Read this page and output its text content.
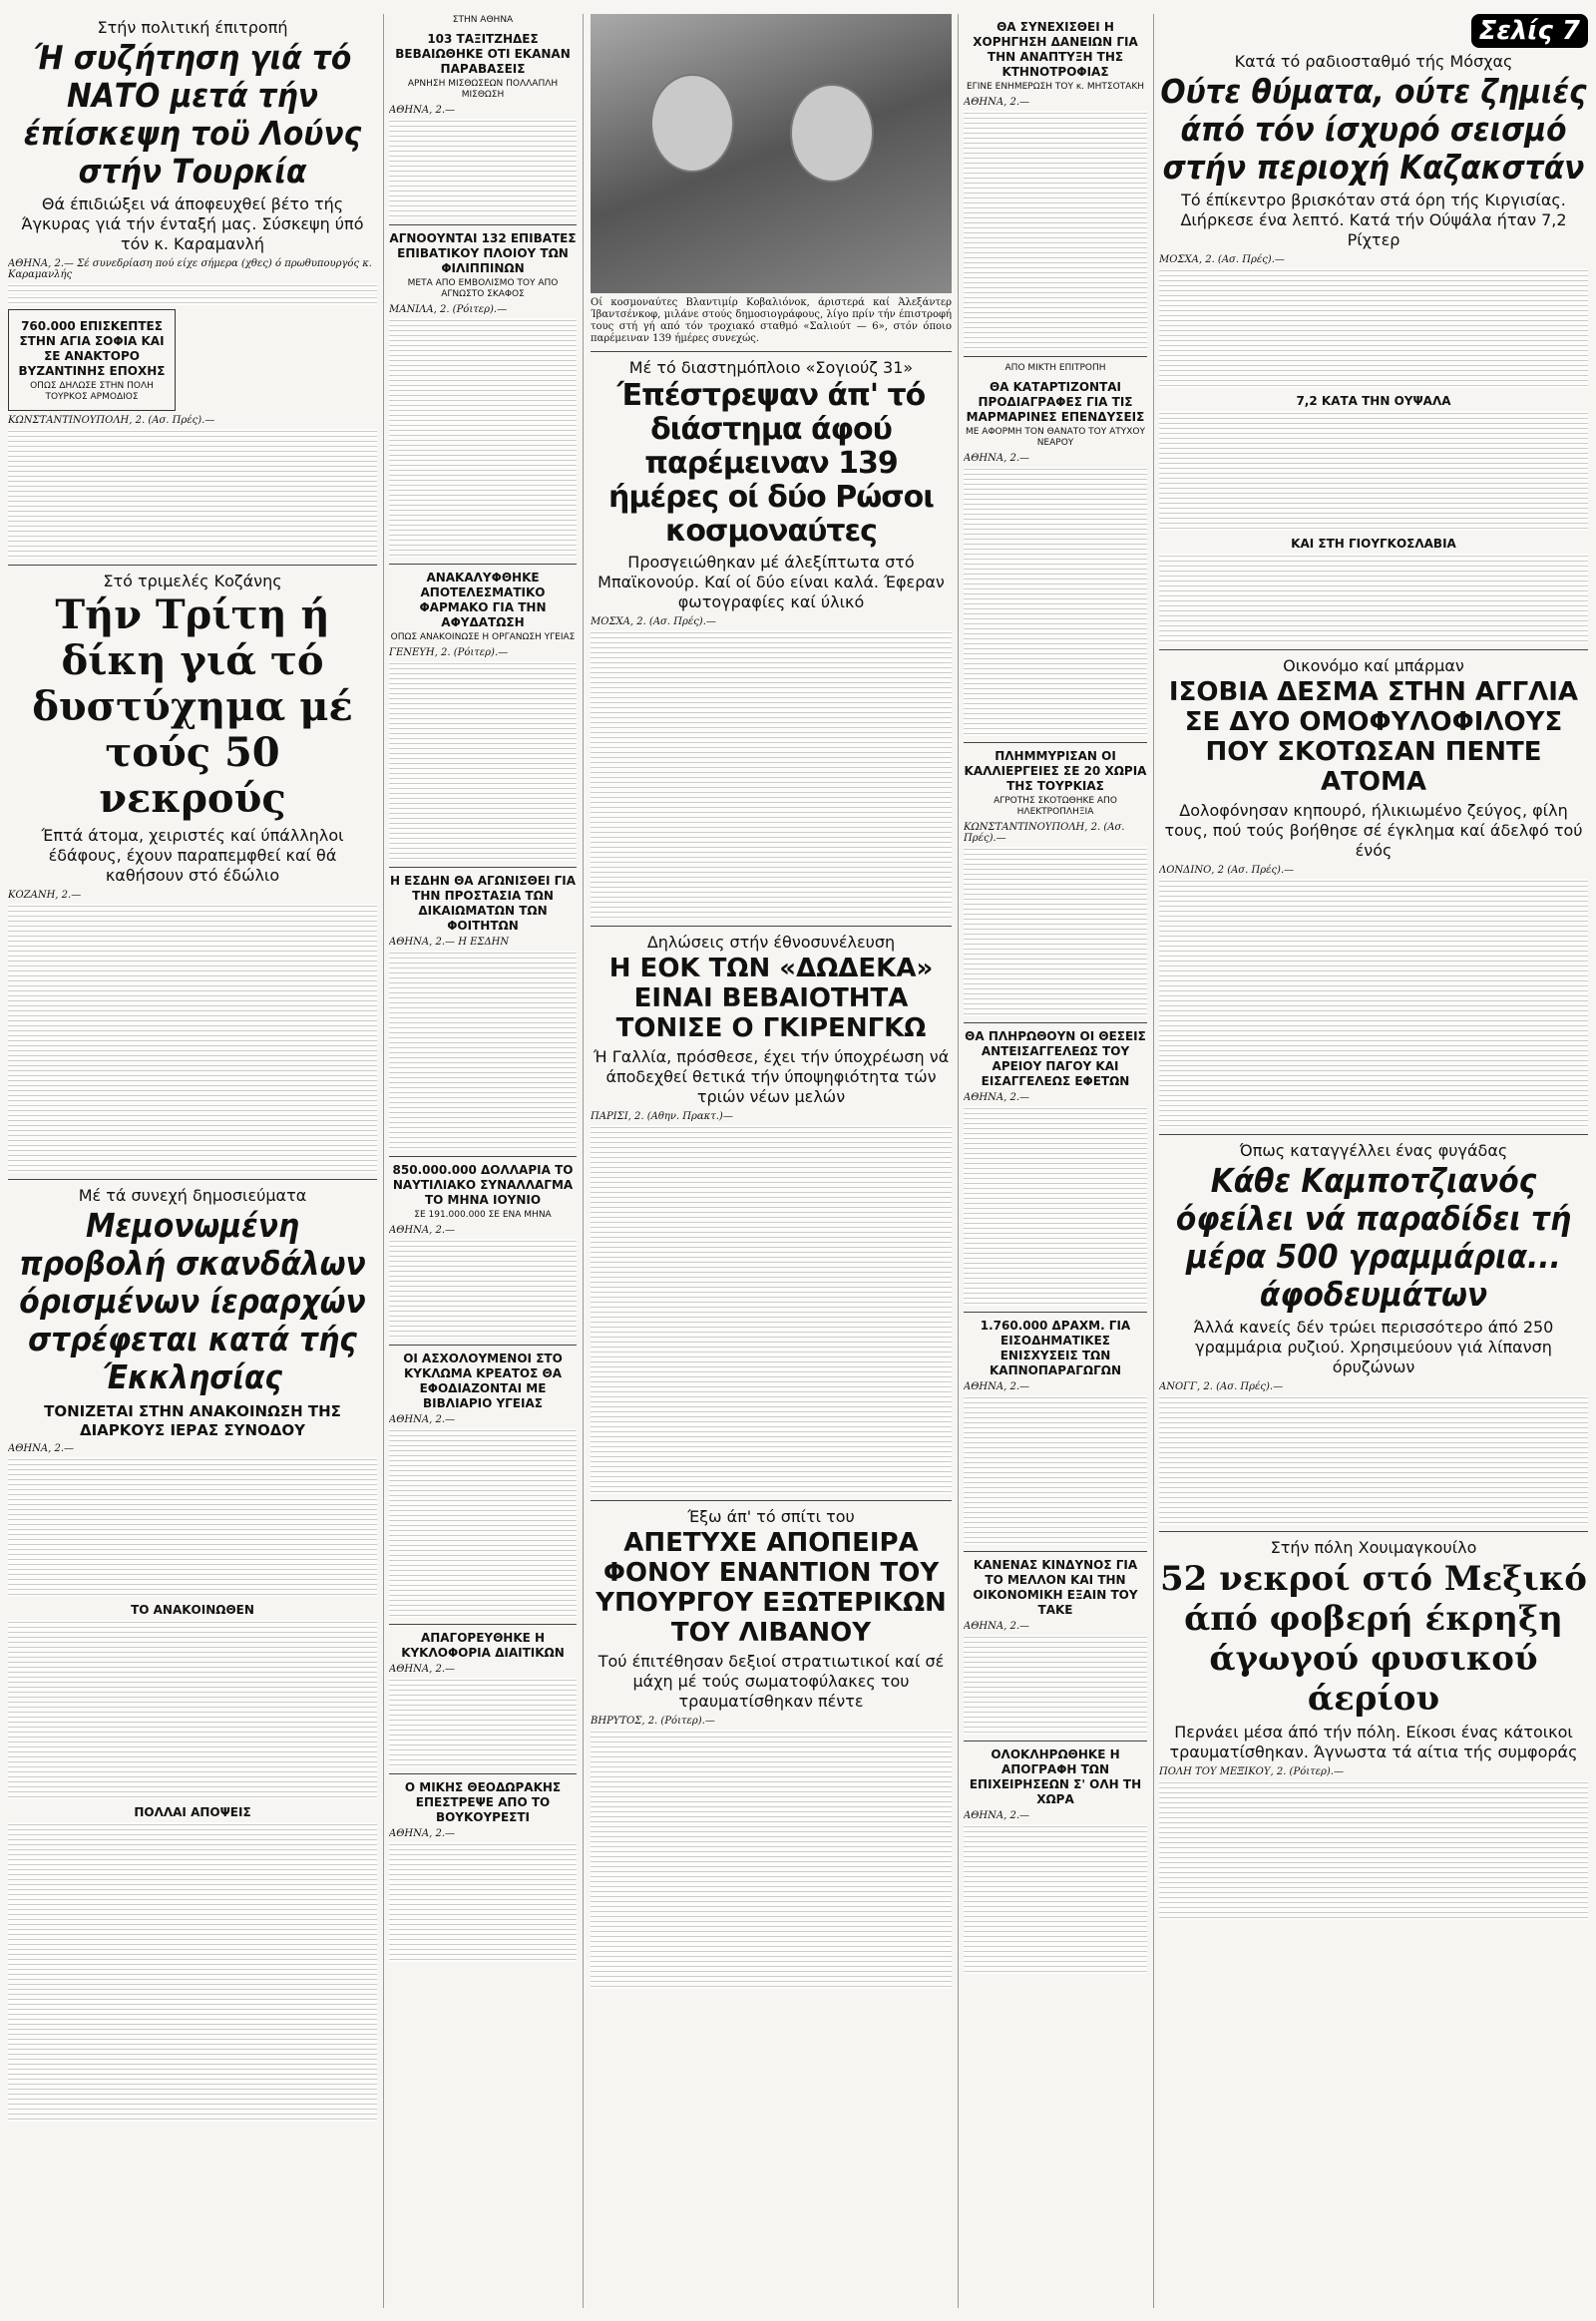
Στήν πολιτική έπιτροπή
Ή συζήτηση γιά τό ΝΑΤΟ μετά τήν έπίσκεψη τοϋ Λούνς στήν Τουρκία
Θά έπιδιώξει νά άποφευχθεί βέτο τής Άγκυρας γιά τήν ένταξή μας. Σύσκεψη ύπό τόν κ. Καραμανλή
ΑΘΗΝΑ, 2.— Σέ συνεδρίαση πού είχε σήμερα (χθες) ό πρωθυπουργός κ. Καραμανλής
760.000 ΕΠΙΣΚΕΠΤΕΣ ΣΤΗΝ ΑΓΙΑ ΣΟΦΙΑ ΚΑΙ ΣΕ ΑΝΑΚΤΟΡΟ ΒΥΖΑΝΤΙΝΗΣ ΕΠΟΧΗΣ
ΟΠΩΣ ΔΗΛΩΣΕ ΣΤΗΝ ΠΟΛΗ ΤΟΥΡΚΟΣ ΑΡΜΟΔΙΟΣ
ΚΩΝΣΤΑΝΤΙΝΟΥΠΟΛΗ, 2. (Ασ. Πρές).—
Στό τριμελές Κοζάνης
Τήν Τρίτη ή δίκη γιά τό δυστύχημα μέ τούς 50 νεκρούς
Έπτά άτομα, χειριστές καί ύπάλληλοι έδάφους, έχουν παραπεμφθεί καί θά καθήσουν στό έδώλιο
ΚΟΖΑΝΗ, 2.—
Μέ τά συνεχή δημοσιεύματα
Μεμονωμένη προβολή σκανδάλων όρισμένων ίεραρχών στρέφεται κατά τής Έκκλησίας
ΤΟΝΙΖΕΤΑΙ ΣΤΗΝ ΑΝΑΚΟΙΝΩΣΗ ΤΗΣ ΔΙΑΡΚΟΥΣ ΙΕΡΑΣ ΣΥΝΟΔΟΥ
ΑΘΗΝΑ, 2.—
ΤΟ ΑΝΑΚΟΙΝΩΘΕΝ
ΠΟΛΛΑΙ ΑΠΟΨΕΙΣ
ΣΤΗΝ ΑΘΗΝΑ
103 ΤΑΞΙΤΖΗΔΕΣ ΒΕΒΑΙΩΘΗΚΕ ΟΤΙ ΕΚΑΝΑΝ ΠΑΡΑΒΑΣΕΙΣ
ΑΡΝΗΣΗ ΜΙΣΘΩΣΕΩΝ ΠΟΛΛΑΠΛΗ ΜΙΣΘΩΣΗ
ΑΘΗΝΑ, 2.—
ΑΓΝΟΟΥΝΤΑΙ 132 ΕΠΙΒΑΤΕΣ ΕΠΙΒΑΤΙΚΟΥ ΠΛΟΙΟΥ ΤΩΝ ΦΙΛΙΠΠΙΝΩΝ
ΜΕΤΑ ΑΠΟ ΕΜΒΟΛΙΣΜΟ ΤΟΥ ΑΠΟ ΑΓΝΩΣΤΟ ΣΚΑΦΟΣ
ΜΑΝΙΛΑ, 2. (Ρόιτερ).—
ΑΝΑΚΑΛΥΦΘΗΚΕ ΑΠΟΤΕΛΕΣΜΑΤΙΚΟ ΦΑΡΜΑΚΟ ΓΙΑ ΤΗΝ ΑΦΥΔΑΤΩΣΗ
ΟΠΩΣ ΑΝΑΚΟΙΝΩΣΕ Η ΟΡΓΑΝΩΣΗ ΥΓΕΙΑΣ
ΓΕΝΕΥΗ, 2. (Ρόιτερ).—
Η ΕΣΔΗΝ ΘΑ ΑΓΩΝΙΣΘΕΙ ΓΙΑ ΤΗΝ ΠΡΟΣΤΑΣΙΑ ΤΩΝ ΔΙΚΑΙΩΜΑΤΩΝ ΤΩΝ ΦΟΙΤΗΤΩΝ
ΑΘΗΝΑ, 2.— Η ΕΣΔΗΝ
850.000.000 ΔΟΛΛΑΡΙΑ ΤΟ ΝΑΥΤΙΛΙΑΚΟ ΣΥΝΑΛΛΑΓΜΑ ΤΟ ΜΗΝΑ ΙΟΥΝΙΟ
ΣΕ 191.000.000 ΣΕ ΕΝΑ ΜΗΝΑ
ΑΘΗΝΑ, 2.—
ΟΙ ΑΣΧΟΛΟΥΜΕΝΟΙ ΣΤΟ ΚΥΚΛΩΜΑ ΚΡΕΑΤΟΣ ΘΑ ΕΦΟΔΙΑΖΟΝΤΑΙ ΜΕ ΒΙΒΛΙΑΡΙΟ ΥΓΕΙΑΣ
ΑΘΗΝΑ, 2.—
ΑΠΑΓΟΡΕΥΘΗΚΕ Η ΚΥΚΛΟΦΟΡΙΑ ΔΙΑΙΤΙΚΩΝ
ΑΘΗΝΑ, 2.—
Ο ΜΙΚΗΣ ΘΕΟΔΩΡΑΚΗΣ ΕΠΕΣΤΡΕΨΕ ΑΠΟ ΤΟ ΒΟΥΚΟΥΡΕΣΤΙ
ΑΘΗΝΑ, 2.—
Οί κοσμοναύτες Βλαντιμίρ Κοβαλιόνοκ, άριστερά καί Άλεξάντερ Ίβαντσένκοφ, μιλάνε στούς δημοσιογράφους, λίγο πρίν τήν έπιστροφή τους στή γή από τόν τροχιακό σταθμό «Σαλιούτ — 6», στόν όποιο παρέμειναν 139 ήμέρες συνεχώς.
Μέ τό διαστημόπλοιο «Σογιούζ 31»
Έπέστρεψαν άπ' τό διάστημα άφού παρέμειναν 139 ήμέρες οί δύο Ρώσοι κοσμοναύτες
Προσγειώθηκαν μέ άλεξίπτωτα στό Μπαϊκονούρ. Καί οί δύο είναι καλά. Έφεραν φωτογραφίες καί ύλικό
ΜΟΣΧΑ, 2. (Ασ. Πρές).—
Δηλώσεις στήν έθνοσυνέλευση
Η ΕΟΚ ΤΩΝ «ΔΩΔΕΚΑ» ΕΙΝΑΙ ΒΕΒΑΙΟΤΗΤΑ ΤΟΝΙΣΕ Ο ΓΚΙΡΕΝΓΚΩ
Ή Γαλλία, πρόσθεσε, έχει τήν ύποχρέωση νά άποδεχθεί θετικά τήν ύποψηφιότητα τών τριών νέων μελών
ΠΑΡΙΣΙ, 2. (Αθην. Πρακτ.)—
Έξω άπ' τό σπίτι του
ΑΠΕΤΥΧΕ ΑΠΟΠΕΙΡΑ ΦΟΝΟΥ ΕΝΑΝΤΙΟΝ ΤΟΥ ΥΠΟΥΡΓΟΥ ΕΞΩΤΕΡΙΚΩΝ ΤΟΥ ΛΙΒΑΝΟΥ
Τού έπιτέθησαν δεξιοί στρατιωτικοί καί σέ μάχη μέ τούς σωματοφύλακες του τραυματίσθηκαν πέντε
ΒΗΡΥΤΟΣ, 2. (Ρόιτερ).—
ΘΑ ΣΥΝΕΧΙΣΘΕΙ Η ΧΟΡΗΓΗΣΗ ΔΑΝΕΙΩΝ ΓΙΑ ΤΗΝ ΑΝΑΠΤΥΞΗ ΤΗΣ ΚΤΗΝΟΤΡΟΦΙΑΣ
ΕΓΙΝΕ ΕΝΗΜΕΡΩΣΗ ΤΟΥ κ. ΜΗΤΣΟΤΑΚΗ
ΑΘΗΝΑ, 2.—
ΑΠΟ ΜΙΚΤΗ ΕΠΙΤΡΟΠΗ
ΘΑ ΚΑΤΑΡΤΙΖΟΝΤΑΙ ΠΡΟΔΙΑΓΡΑΦΕΣ ΓΙΑ ΤΙΣ ΜΑΡΜΑΡΙΝΕΣ ΕΠΕΝΔΥΣΕΙΣ
ΜΕ ΑΦΟΡΜΗ ΤΟΝ ΘΑΝΑΤΟ ΤΟΥ ΑΤΥΧΟΥ ΝΕΑΡΟΥ
ΑΘΗΝΑ, 2.—
ΠΛΗΜΜΥΡΙΣΑΝ ΟΙ ΚΑΛΛΙΕΡΓΕΙΕΣ ΣΕ 20 ΧΩΡΙΑ ΤΗΣ ΤΟΥΡΚΙΑΣ
ΑΓΡΟΤΗΣ ΣΚΟΤΩΘΗΚΕ ΑΠΟ ΗΛΕΚΤΡΟΠΛΗΞΙΑ
ΚΩΝΣΤΑΝΤΙΝΟΥΠΟΛΗ, 2. (Ασ. Πρές).—
ΘΑ ΠΛΗΡΩΘΟΥΝ ΟΙ ΘΕΣΕΙΣ ΑΝΤΕΙΣΑΓΓΕΛΕΩΣ ΤΟΥ ΑΡΕΙΟΥ ΠΑΓΟΥ ΚΑΙ ΕΙΣΑΓΓΕΛΕΩΣ ΕΦΕΤΩΝ
ΑΘΗΝΑ, 2.—
1.760.000 ΔΡΑΧΜ. ΓΙΑ ΕΙΣΟΔΗΜΑΤΙΚΕΣ ΕΝΙΣΧΥΣΕΙΣ ΤΩΝ ΚΑΠΝΟΠΑΡΑΓΩΓΩΝ
ΑΘΗΝΑ, 2.—
ΚΑΝΕΝΑΣ ΚΙΝΔΥΝΟΣ ΓΙΑ ΤΟ ΜΕΛΛΟΝ ΚΑΙ ΤΗΝ ΟΙΚΟΝΟΜΙΚΗ ΕΞΑΙΝ ΤΟΥ ΤΑΚΕ
ΑΘΗΝΑ, 2.—
ΟΛΟΚΛΗΡΩΘΗΚΕ Η ΑΠΟΓΡΑΦΗ ΤΩΝ ΕΠΙΧΕΙΡΗΣΕΩΝ Σ' ΟΛΗ ΤΗ ΧΩΡΑ
ΑΘΗΝΑ, 2.—
Σελίς 7
Κατά τό ραδιοσταθμό τής Μόσχας
Ούτε θύματα, ούτε ζημιές άπό τόν ίσχυρό σεισμό στήν περιοχή Καζακστάν
Τό έπίκεντρο βρισκόταν στά όρη τής Κιργισίας. Διήρκεσε ένα λεπτό. Κατά τήν Ούψάλα ήταν 7,2 Ρίχτερ
ΜΟΣΧΑ, 2. (Ασ. Πρές).—
7,2 ΚΑΤΑ ΤΗΝ ΟΥΨΑΛΑ
ΚΑΙ ΣΤΗ ΓΙΟΥΓΚΟΣΛΑΒΙΑ
Οικονόμο καί μπάρμαν
ΙΣΟΒΙΑ ΔΕΣΜΑ ΣΤΗΝ ΑΓΓΛΙΑ ΣΕ ΔΥΟ ΟΜΟΦΥΛΟΦΙΛΟΥΣ ΠΟΥ ΣΚΟΤΩΣΑΝ ΠΕΝΤΕ ΑΤΟΜΑ
Δολοφόνησαν κηπουρό, ήλικιωμένο ζεύγος, φίλη τους, πού τούς βοήθησε σέ έγκλημα καί άδελφό τού ένός
ΛΟΝΔΙΝΟ, 2 (Ασ. Πρές).—
Όπως καταγγέλλει ένας φυγάδας
Κάθε Καμποτζιανός όφείλει νά παραδίδει τή μέρα 500 γραμμάρια... άφοδευμάτων
Άλλά κανείς δέν τρώει περισσότερο άπό 250 γραμμάρια ρυζιού. Χρησιμεύουν γιά λίπανση όρυζώνων
ΑΝΟΓΓ, 2. (Ασ. Πρές).—
Στήν πόλη Χουιμαγκουίλο
52 νεκροί στό Μεξικό άπό φοβερή έκρηξη άγωγού φυσικού άερίου
Περνάει μέσα άπό τήν πόλη. Είκοσι ένας κάτοικοι τραυματίσθηκαν. Άγνωστα τά αίτια τής συμφοράς
ΠΟΛΗ ΤΟΥ ΜΕΞΙΚΟΥ, 2. (Ρόιτερ).—
